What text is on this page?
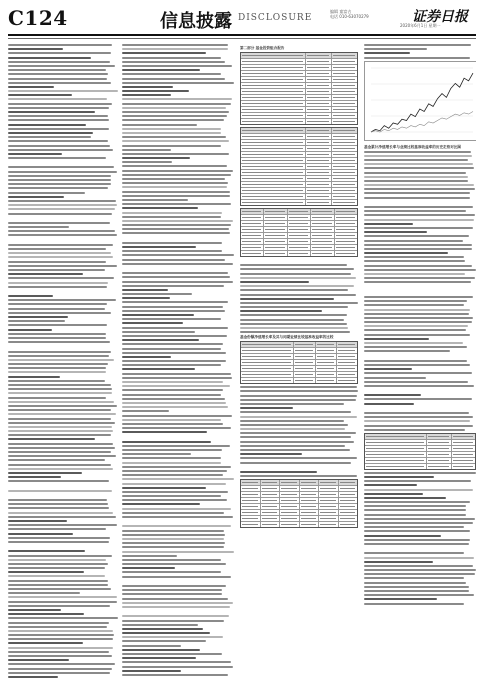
C124	信息披露 DISCLOSURE
编辑 童富吉
电话 010-63070279	证券日报
2020年6月1日 星期一
第二部分 基金投资组合报告
基金份额净值增长率及其与同期业绩比较基准收益率的比较
基金累计净值增长率与业绩比较基准收益率的历史走势对比图
